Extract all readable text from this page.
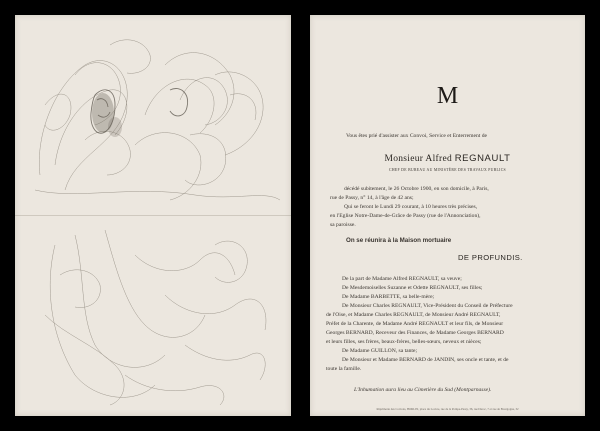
M
Vous êtes prié d'assister aux Convoi, Service et Enterrement de
Monsieur Alfred REGNAULT
CHEF DE BUREAU AU MINISTÈRE DES TRAVAUX PUBLICS
décédé subitement, le 26 Octobre 1900, en son domicile, à Paris,
rue de Passy, n° 14, à l'âge de 42 ans;
Qui se feront le Lundi 29 courant, à 10 heures très précises,
en l'Eglise Notre-Dame-de-Grâce de Passy (rue de l'Annonciation),
sa paroisse.
On se réunira à la Maison mortuaire
DE PROFUNDIS.
De la part de Madame Alfred REGNAULT, sa veuve;
De Mesdemoiselles Suzanne et Odette REGNAULT, ses filles;
De Madame BARBETTE, sa belle-mère;
De Monsieur Charles REGNAULT, Vice-Président du Conseil de Préfecture
de l'Oise, et Madame Charles REGNAULT, de Monsieur André REGNAULT,
Préfet de la Charente, de Madame André REGNAULT et leur fils, de Monsieur
Georges BERNARD, Receveur des Finances, de Madame Georges BERNARD
et leurs filles, ses frères, beaux-frères, belles-sœurs, neveux et nièces;
De Madame GUILLON, sa tante;
De Monsieur et Madame BERNARD de JANDIN, ses oncle et tante, et de
toute la famille.
L'Inhumation aura lieu au Cimetière du Sud (Montparnasse).
Imprimerie des Convois, HORLIN, place du Louvre, rue de la Pompe-Passy, 36, rue Duroc, 7 et rue de Bourgogne, 32
